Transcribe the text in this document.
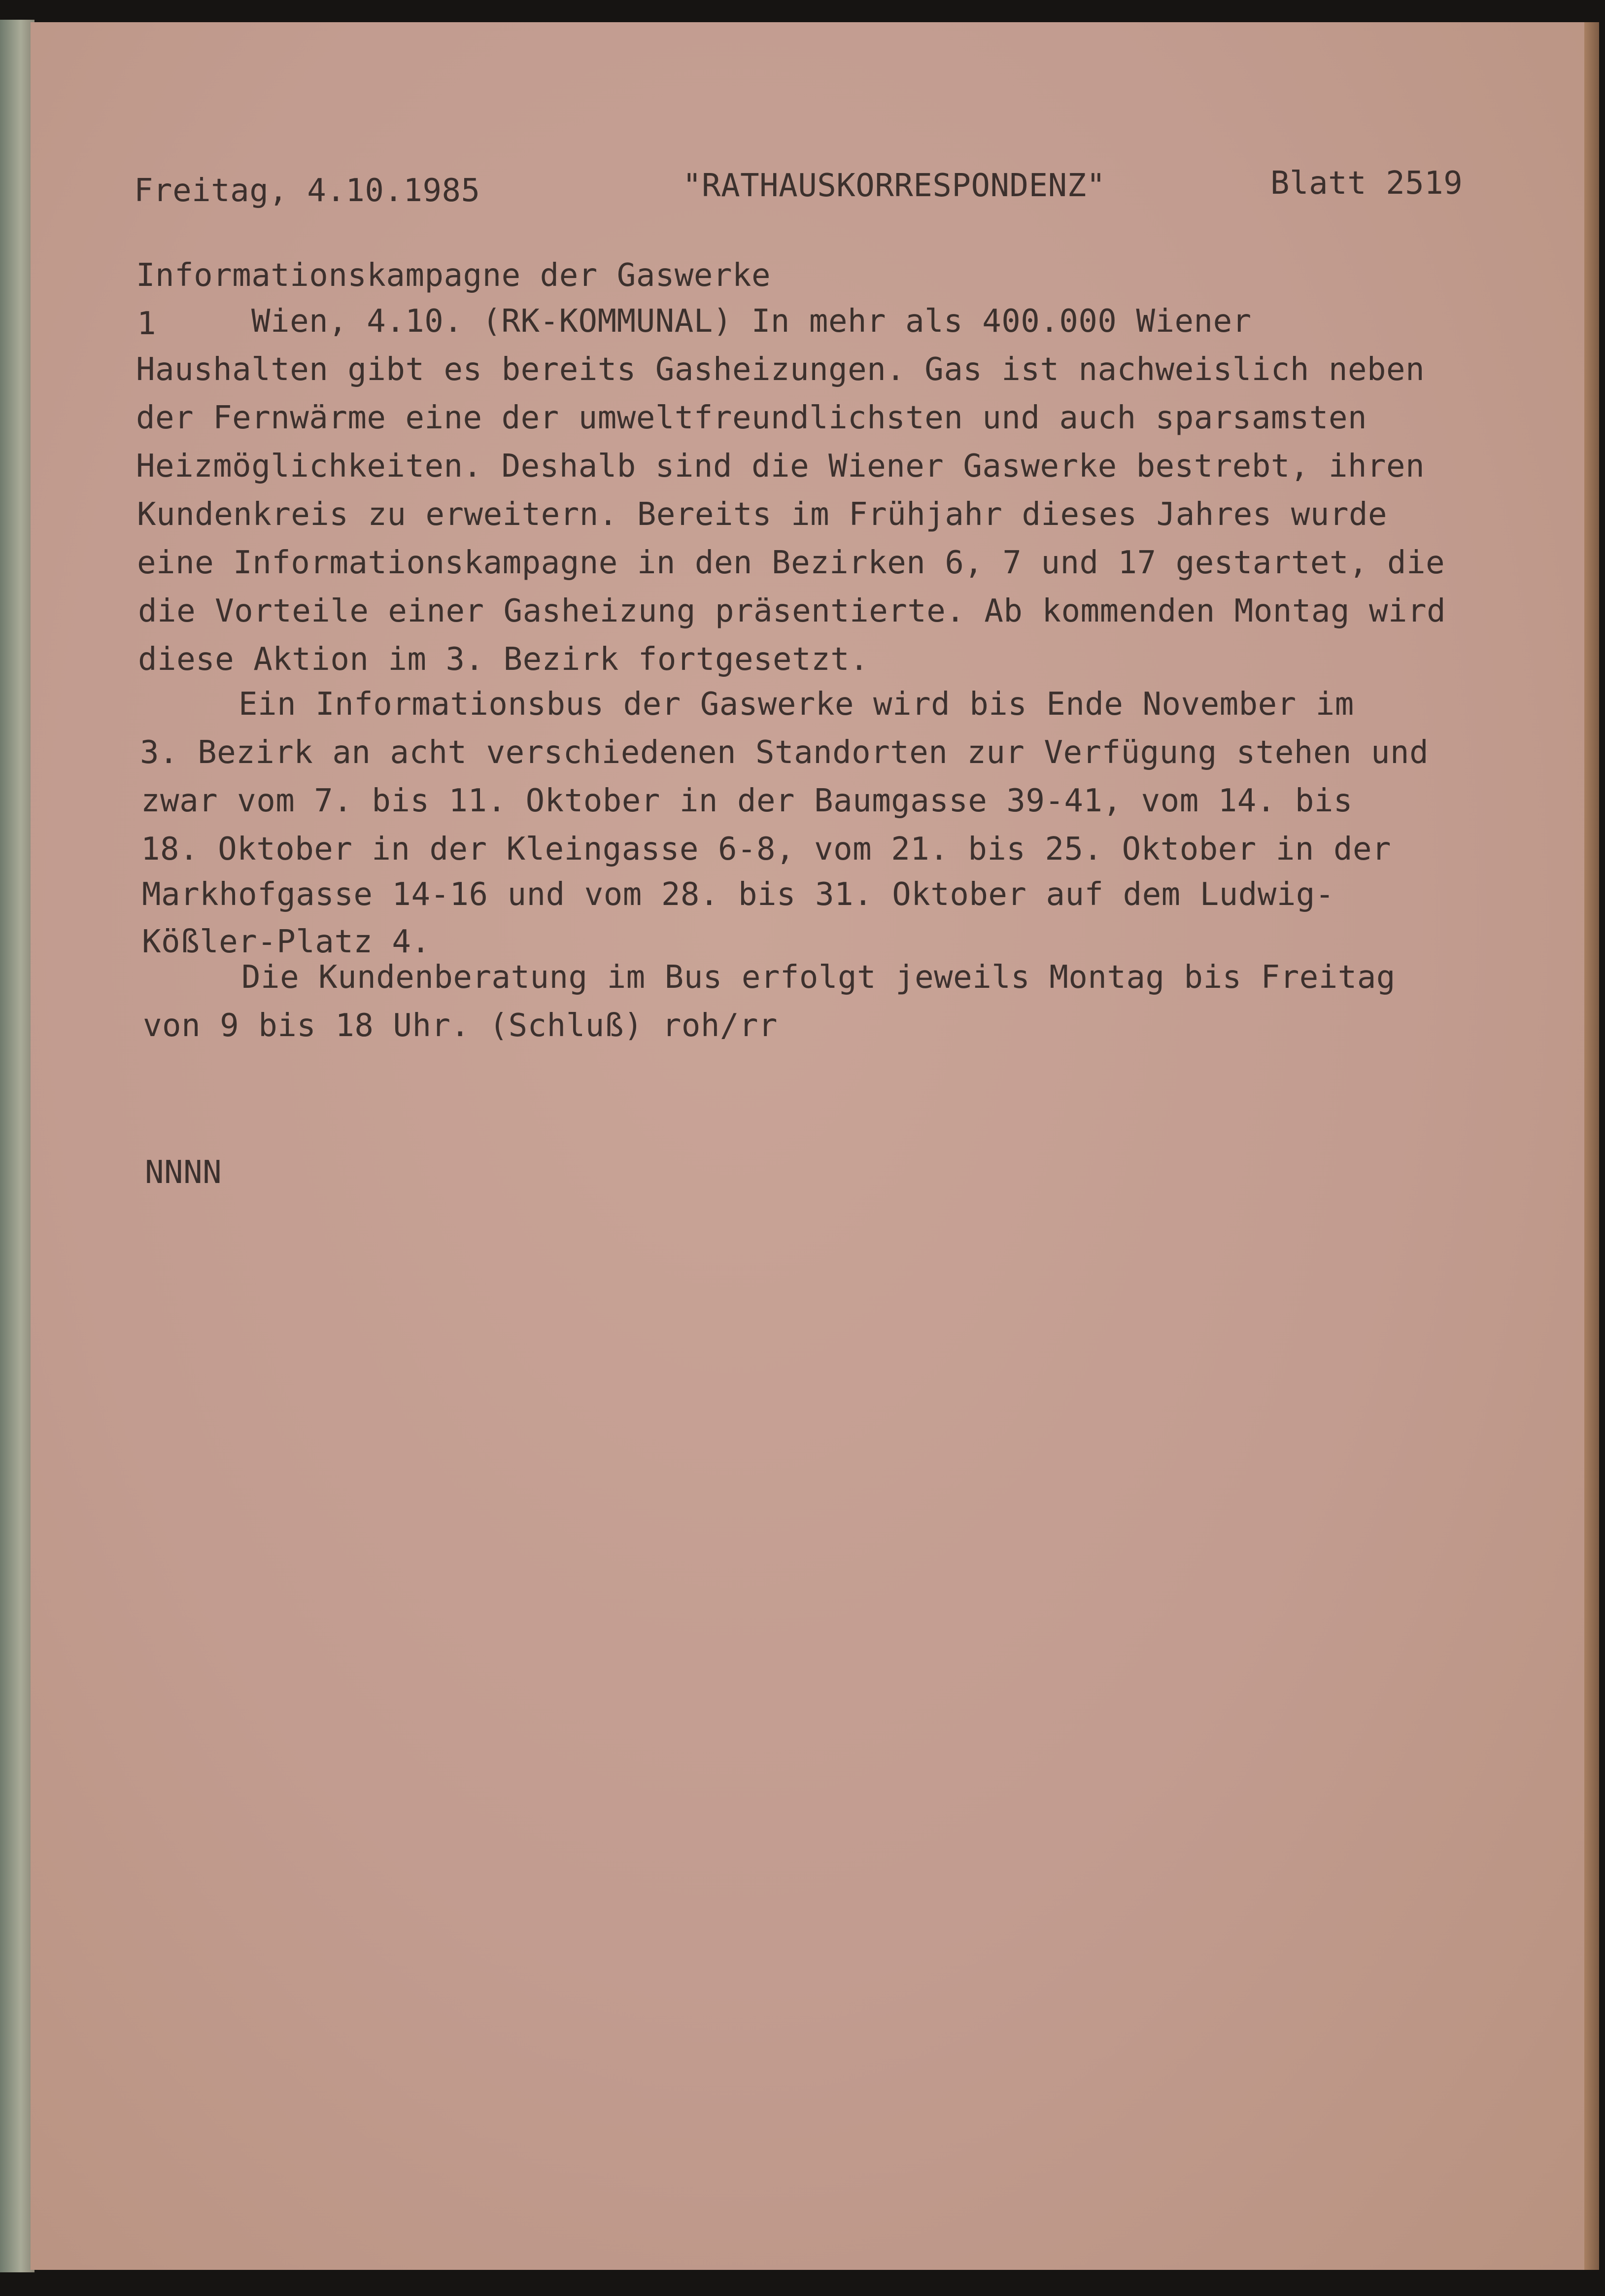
Freitag, 4.10.1985	"RATHAUSKORRESPONDENZ"	Blatt 2519
Informationskampagne der Gaswerke
1	Wien, 4.10. (RK-KOMMUNAL) In mehr als 400.000 Wiener
Haushalten gibt es bereits Gasheizungen. Gas ist nachweislich neben
der Fernwärme eine der umweltfreundlichsten und auch sparsamsten
Heizmöglichkeiten. Deshalb sind die Wiener Gaswerke bestrebt, ihren
Kundenkreis zu erweitern. Bereits im Frühjahr dieses Jahres wurde
eine Informationskampagne in den Bezirken 6, 7 und 17 gestartet, die
die Vorteile einer Gasheizung präsentierte. Ab kommenden Montag wird
diese Aktion im 3. Bezirk fortgesetzt.
Ein Informationsbus der Gaswerke wird bis Ende November im
3. Bezirk an acht verschiedenen Standorten zur Verfügung stehen und
zwar vom 7. bis 11. Oktober in der Baumgasse 39-41, vom 14. bis
18. Oktober in der Kleingasse 6-8, vom 21. bis 25. Oktober in der
Markhofgasse 14-16 und vom 28. bis 31. Oktober auf dem Ludwig-
Kößler-Platz 4.
Die Kundenberatung im Bus erfolgt jeweils Montag bis Freitag
von 9 bis 18 Uhr. (Schluß) roh/rr
NNNN
